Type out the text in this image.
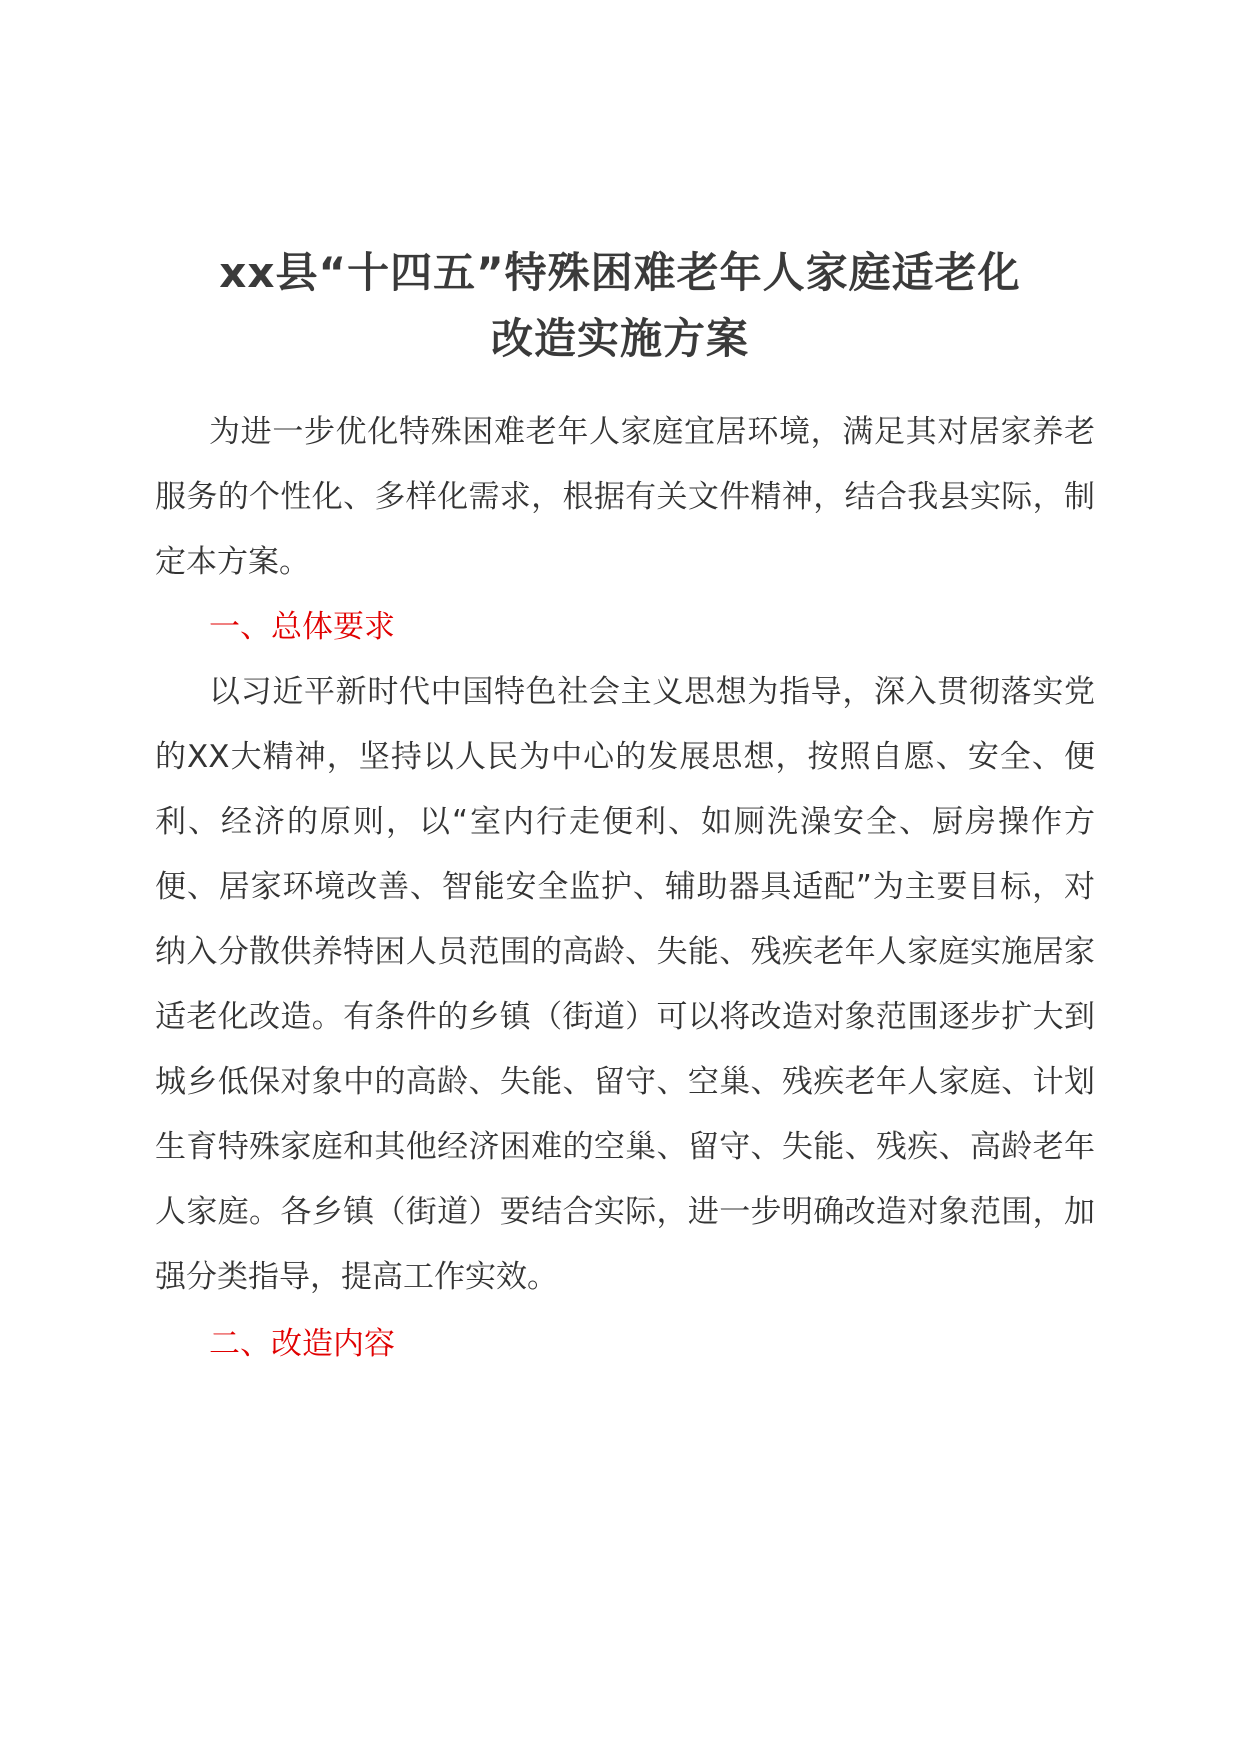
xx县“十四五”特殊困难老年人家庭适老化
改造实施方案

为进一步优化特殊困难老年人家庭宜居环境，满足其对居家养老服务的个性化、多样化需求，根据有关文件精神，结合我县实际，制定本方案。

一、总体要求

以习近平新时代中国特色社会主义思想为指导，深入贯彻落实党的XX大精神，坚持以人民为中心的发展思想，按照自愿、安全、便利、经济的原则，以“室内行走便利、如厕洗澡安全、厨房操作方便、居家环境改善、智能安全监护、辅助器具适配”为主要目标，对纳入分散供养特困人员范围的高龄、失能、残疾老年人家庭实施居家适老化改造。有条件的乡镇（街道）可以将改造对象范围逐步扩大到城乡低保对象中的高龄、失能、留守、空巢、残疾老年人家庭、计划生育特殊家庭和其他经济困难的空巢、留守、失能、残疾、高龄老年人家庭。各乡镇（街道）要结合实际，进一步明确改造对象范围，加强分类指导，提高工作实效。

二、改造内容
